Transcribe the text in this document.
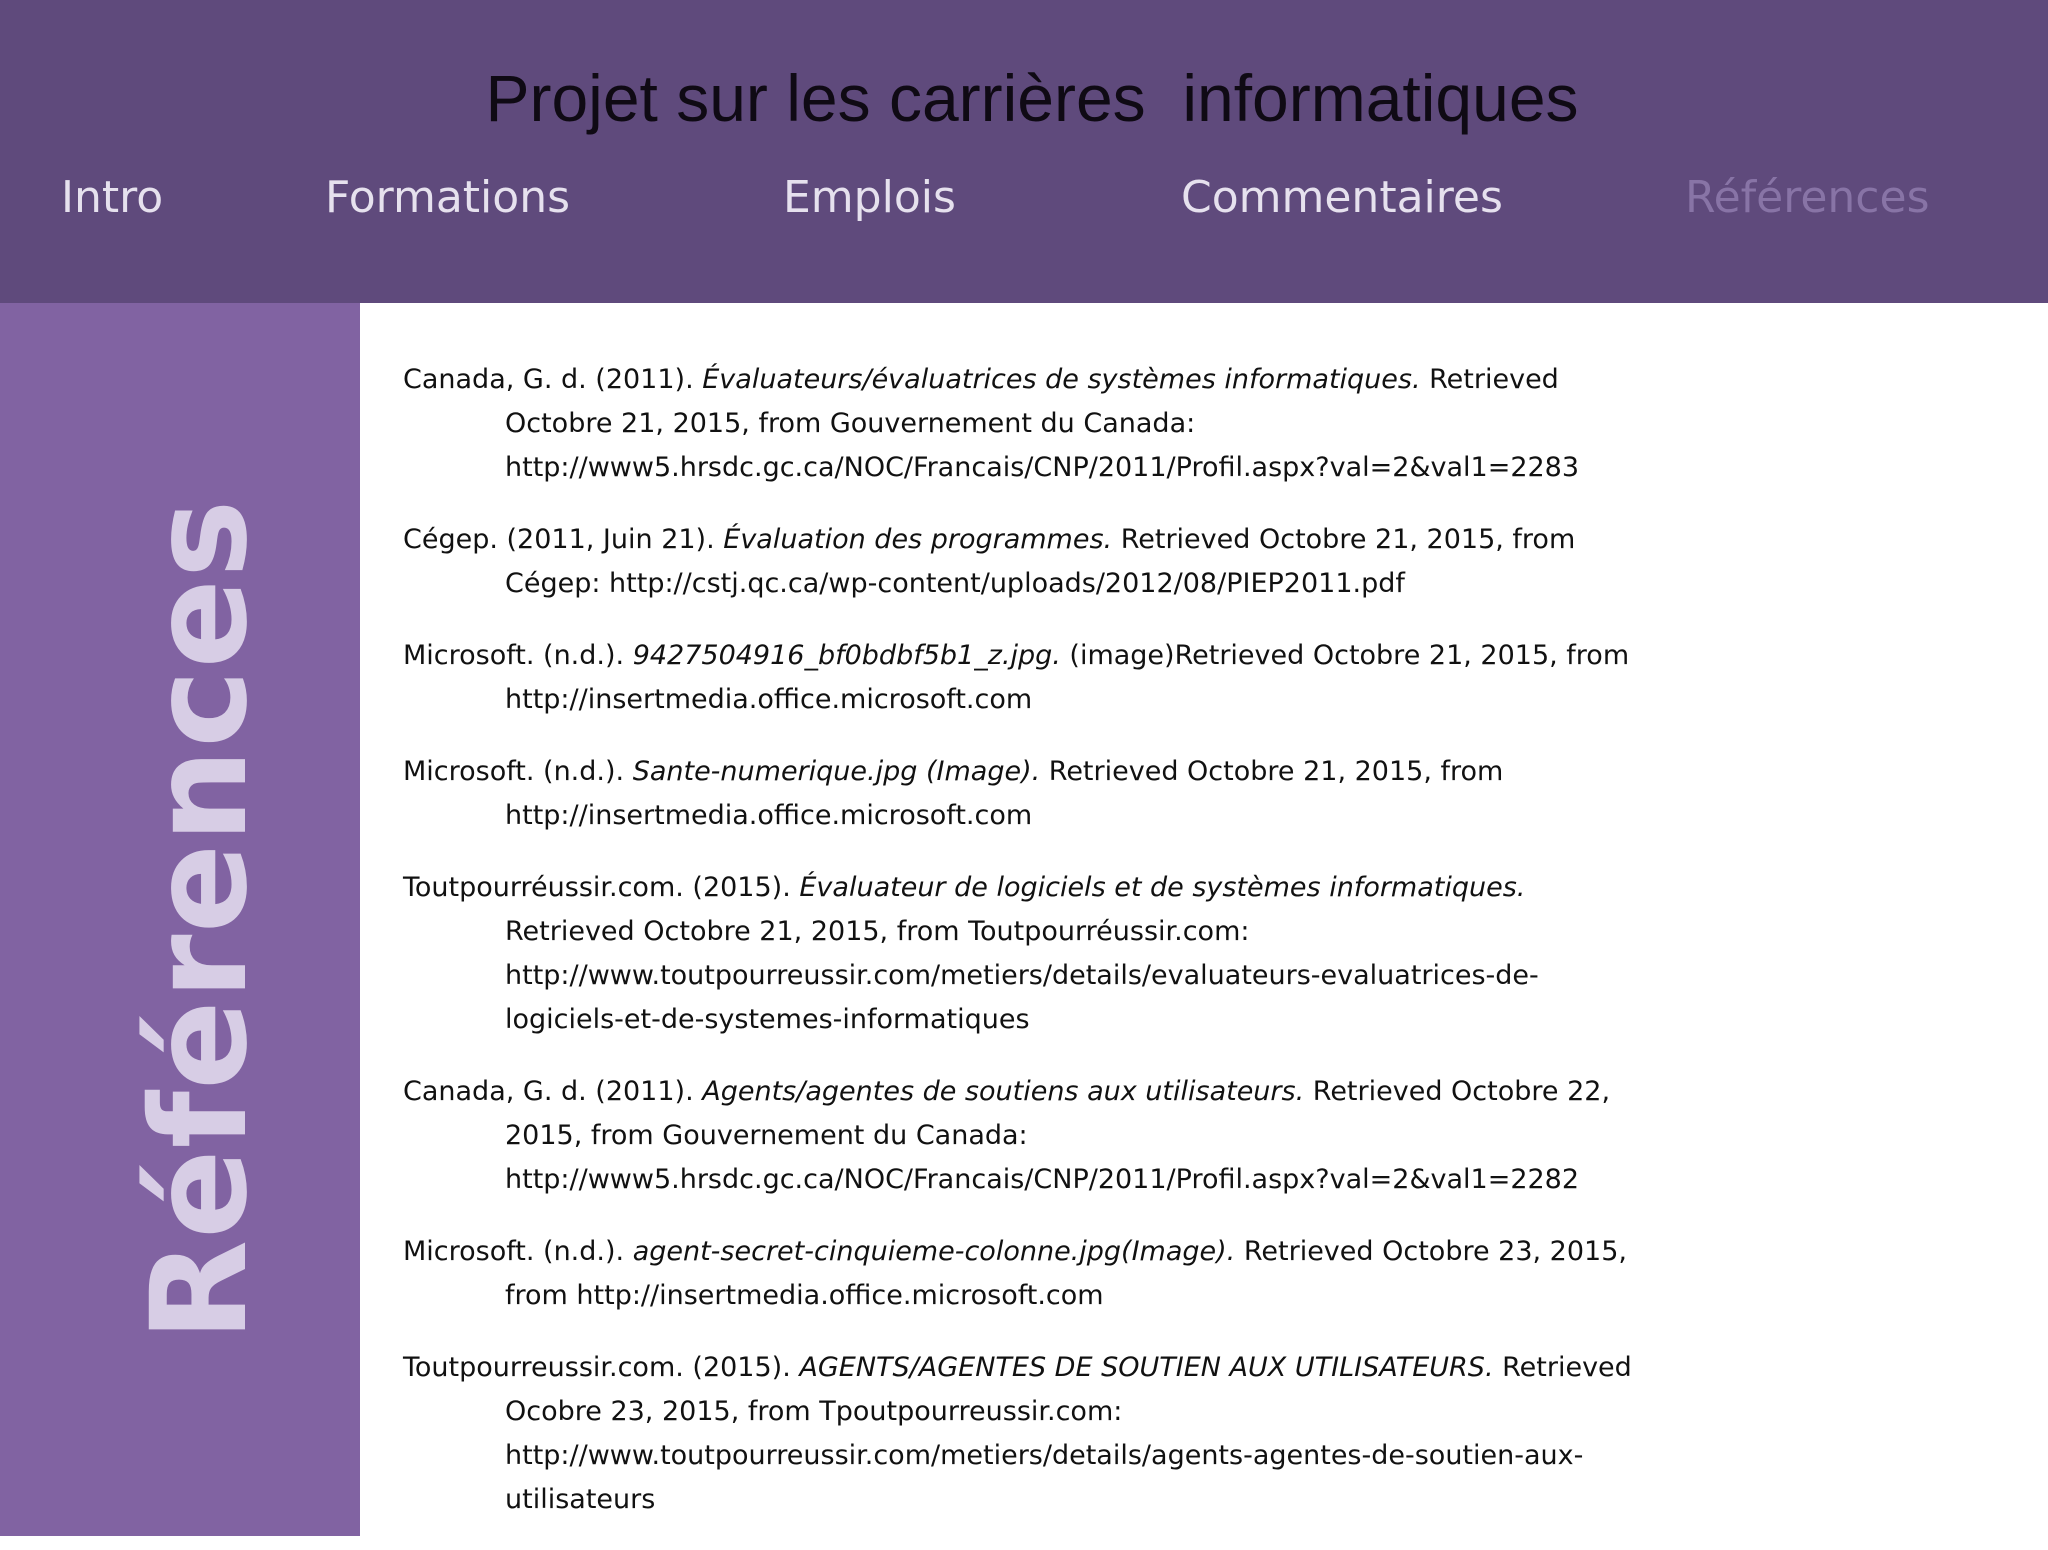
Projet sur les carrières  informatiques
Intro	Formations	Emplois	Commentaires	Références
Références

Canada, G. d. (2011). Évaluateurs/évaluatrices de systèmes informatiques. Retrieved Octobre 21, 2015, from Gouvernement du Canada: http://www5.hrsdc.gc.ca/NOC/Francais/CNP/2011/Profil.aspx?val=2&val1=2283

Cégep. (2011, Juin 21). Évaluation des programmes. Retrieved Octobre 21, 2015, from Cégep: http://cstj.qc.ca/wp-content/uploads/2012/08/PIEP2011.pdf

Microsoft. (n.d.). 9427504916_bf0bdbf5b1_z.jpg. (image)Retrieved Octobre 21, 2015, from http://insertmedia.office.microsoft.com

Microsoft. (n.d.). Sante-numerique.jpg (Image). Retrieved Octobre 21, 2015, from http://insertmedia.office.microsoft.com

Toutpourréussir.com. (2015). Évaluateur de logiciels et de systèmes informatiques. Retrieved Octobre 21, 2015, from Toutpourréussir.com: http://www.toutpourreussir.com/metiers/details/evaluateurs-evaluatrices-de-logiciels-et-de-systemes-informatiques

Canada, G. d. (2011). Agents/agentes de soutiens aux utilisateurs. Retrieved Octobre 22, 2015, from Gouvernement du Canada: http://www5.hrsdc.gc.ca/NOC/Francais/CNP/2011/Profil.aspx?val=2&val1=2282

Microsoft. (n.d.). agent-secret-cinquieme-colonne.jpg(Image). Retrieved Octobre 23, 2015, from http://insertmedia.office.microsoft.com

Toutpourreussir.com. (2015). AGENTS/AGENTES DE SOUTIEN AUX UTILISATEURS. Retrieved Ocobre 23, 2015, from Tpoutpourreussir.com: http://www.toutpourreussir.com/metiers/details/agents-agentes-de-soutien-aux-utilisateurs
